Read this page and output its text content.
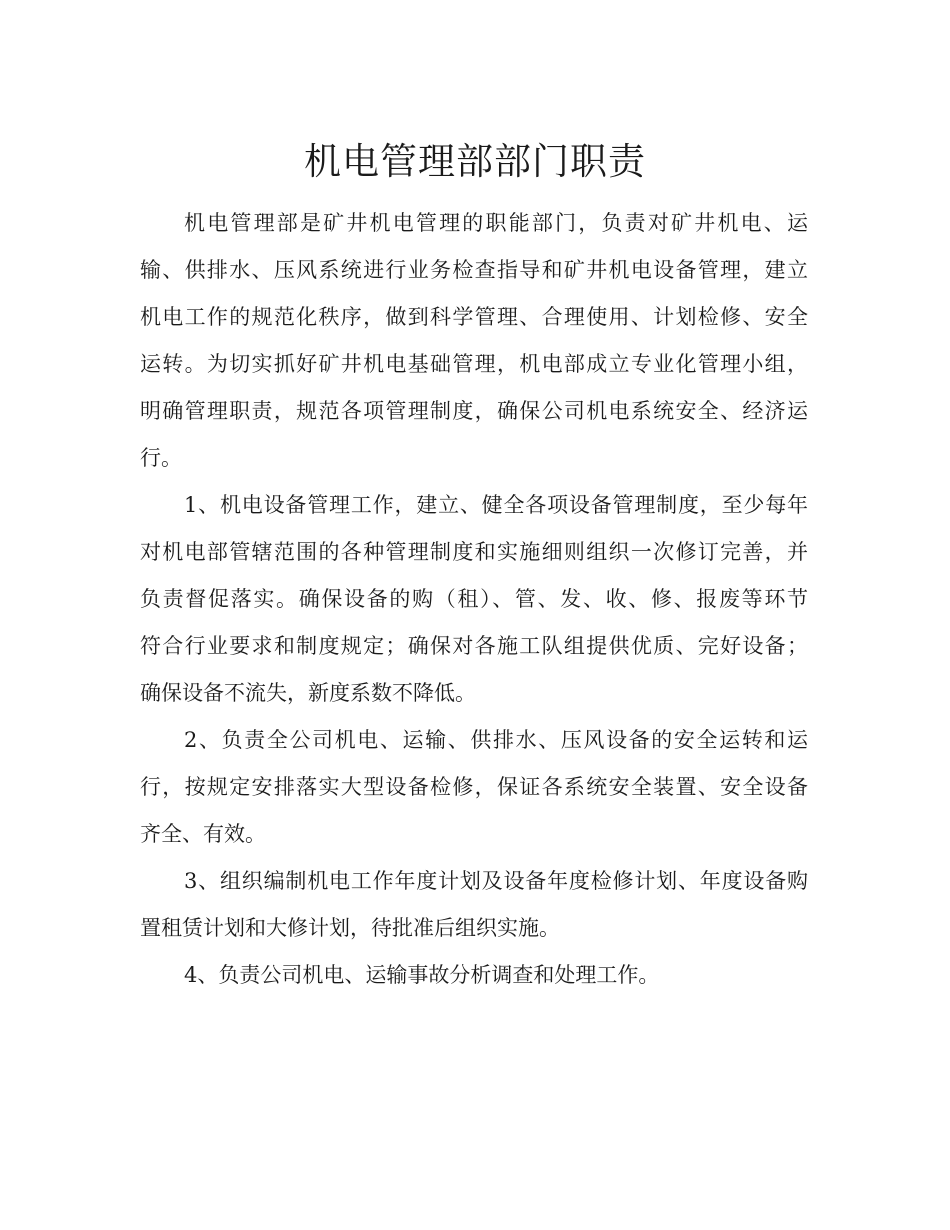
机电管理部部门职责
机电管理部是矿井机电管理的职能部门，负责对矿井机电、运
输、供排水、压风系统进行业务检查指导和矿井机电设备管理，建立
机电工作的规范化秩序，做到科学管理、合理使用、计划检修、安全
运转。为切实抓好矿井机电基础管理，机电部成立专业化管理小组，
明确管理职责，规范各项管理制度，确保公司机电系统安全、经济运
行。
1、机电设备管理工作，建立、健全各项设备管理制度，至少每年
对机电部管辖范围的各种管理制度和实施细则组织一次修订完善，并
负责督促落实。确保设备的购（租）、管、发、收、修、报废等环节
符合行业要求和制度规定；确保对各施工队组提供优质、完好设备；
确保设备不流失，新度系数不降低。
2、负责全公司机电、运输、供排水、压风设备的安全运转和运
行，按规定安排落实大型设备检修，保证各系统安全装置、安全设备
齐全、有效。
3、组织编制机电工作年度计划及设备年度检修计划、年度设备购
置租赁计划和大修计划，待批准后组织实施。
4、负责公司机电、运输事故分析调查和处理工作。
